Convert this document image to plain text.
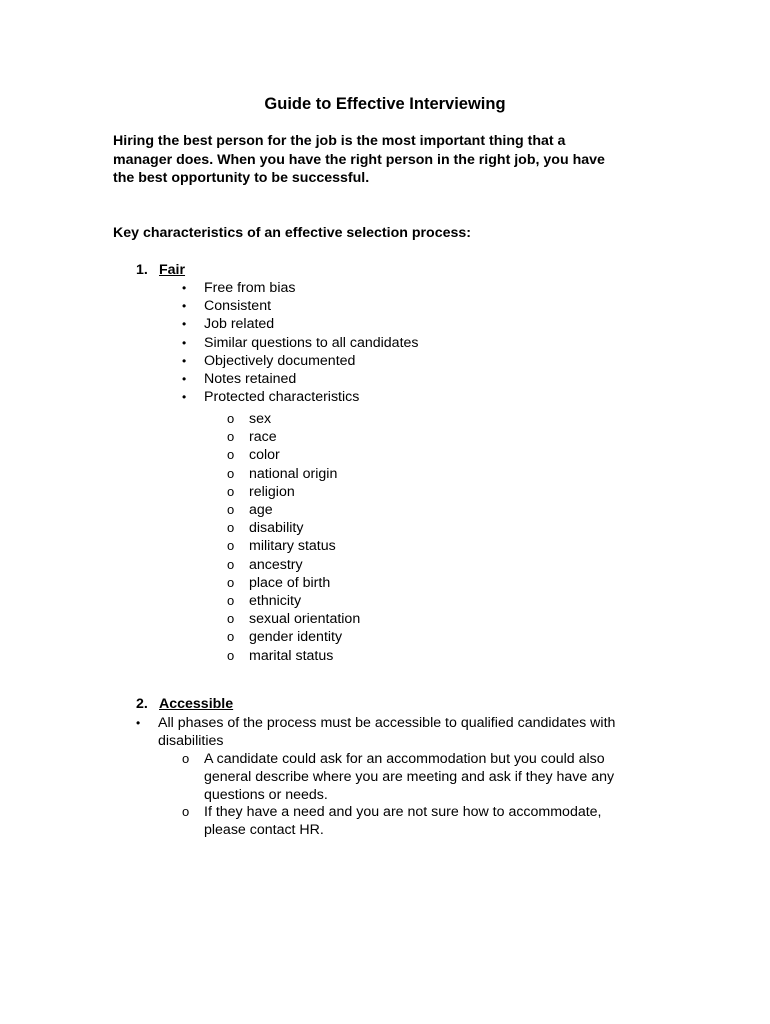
Guide to Effective Interviewing

Hiring the best person for the job is the most important thing that a
manager does. When you have the right person in the right job, you have
the best opportunity to be successful.

Key characteristics of an effective selection process:
1. Fair
• Free from bias
• Consistent
• Job related
• Similar questions to all candidates
• Objectively documented
• Notes retained
• Protected characteristics
o sex
o race
o color
o national origin
o religion
o age
o disability
o military status
o ancestry
o place of birth
o ethnicity
o sexual orientation
o gender identity
o marital status
2. Accessible
• All phases of the process must be accessible to qualified candidates with
disabilities
o A candidate could ask for an accommodation but you could also
general describe where you are meeting and ask if they have any
questions or needs.
o If they have a need and you are not sure how to accommodate,
please contact HR.
